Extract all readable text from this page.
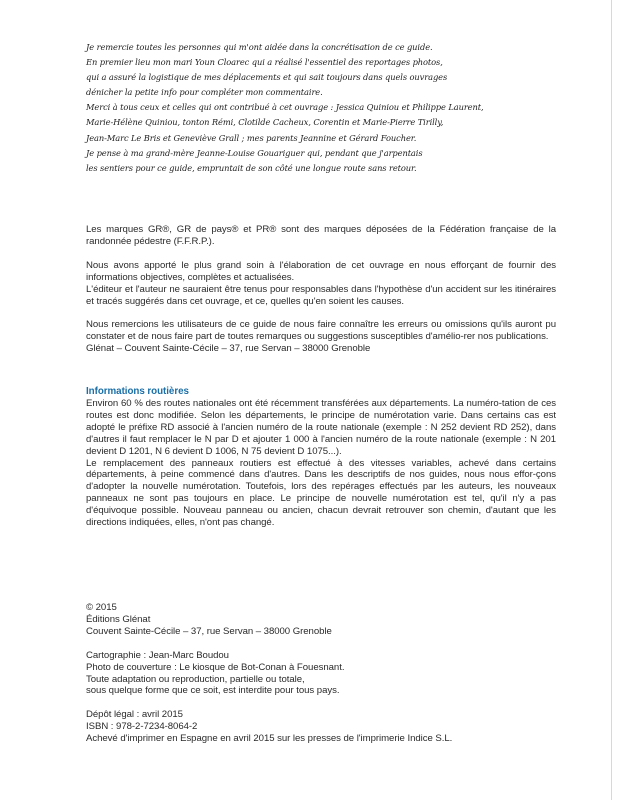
Je remercie toutes les personnes qui m'ont aidée dans la concrétisation de ce guide.
En premier lieu mon mari Youn Cloarec qui a réalisé l'essentiel des reportages photos,
qui a assuré la logistique de mes déplacements et qui sait toujours dans quels ouvrages
dénicher la petite info pour compléter mon commentaire.
Merci à tous ceux et celles qui ont contribué à cet ouvrage : Jessica Quiniou et Philippe Laurent,
Marie-Hélène Quiniou, tonton Rémi, Clotilde Cacheux, Corentin et Marie-Pierre Tirilly,
Jean-Marc Le Bris et Geneviève Grall ; mes parents Jeannine et Gérard Foucher.
Je pense à ma grand-mère Jeanne-Louise Gouariguer qui, pendant que j'arpentais
les sentiers pour ce guide, empruntait de son côté une longue route sans retour.

Les marques GR®, GR de pays® et PR® sont des marques déposées de la Fédération française de la randonnée pédestre (F.F.R.P.).

Nous avons apporté le plus grand soin à l'élaboration de cet ouvrage en nous efforçant de fournir des informations objectives, complètes et actualisées.

L'éditeur et l'auteur ne sauraient être tenus pour responsables dans l'hypothèse d'un accident sur les itinéraires et tracés suggérés dans cet ouvrage, et ce, quelles qu'en soient les causes.

Nous remercions les utilisateurs de ce guide de nous faire connaître les erreurs ou omissions qu'ils auront pu constater et de nous faire part de toutes remarques ou suggestions susceptibles d'amélio-rer nos publications.

Glénat – Couvent Sainte-Cécile – 37, rue Servan – 38000 Grenoble

Informations routières

Environ 60 % des routes nationales ont été récemment transférées aux départements. La numéro-tation de ces routes est donc modifiée. Selon les départements, le principe de numérotation varie. Dans certains cas est adopté le préfixe RD associé à l'ancien numéro de la route nationale (exemple : N 252 devient RD 252), dans d'autres il faut remplacer le N par D et ajouter 1 000 à l'ancien numéro de la route nationale (exemple : N 201 devient D 1201, N 6 devient D 1006, N 75 devient D 1075...).

Le remplacement des panneaux routiers est effectué à des vitesses variables, achevé dans certains départements, à peine commencé dans d'autres. Dans les descriptifs de nos guides, nous nous effor-çons d'adopter la nouvelle numérotation. Toutefois, lors des repérages effectués par les auteurs, les nouveaux panneaux ne sont pas toujours en place. Le principe de nouvelle numérotation est tel, qu'il n'y a pas d'équivoque possible. Nouveau panneau ou ancien, chacun devrait retrouver son chemin, d'autant que les directions indiquées, elles, n'ont pas changé.

© 2015

Éditions Glénat

Couvent Sainte-Cécile – 37, rue Servan – 38000 Grenoble

Cartographie : Jean-Marc Boudou

Photo de couverture : Le kiosque de Bot-Conan à Fouesnant.

Toute adaptation ou reproduction, partielle ou totale,

sous quelque forme que ce soit, est interdite pour tous pays.

Dépôt légal : avril 2015

ISBN : 978-2-7234-8064-2

Achevé d'imprimer en Espagne en avril 2015 sur les presses de l'imprimerie Indice S.L.
